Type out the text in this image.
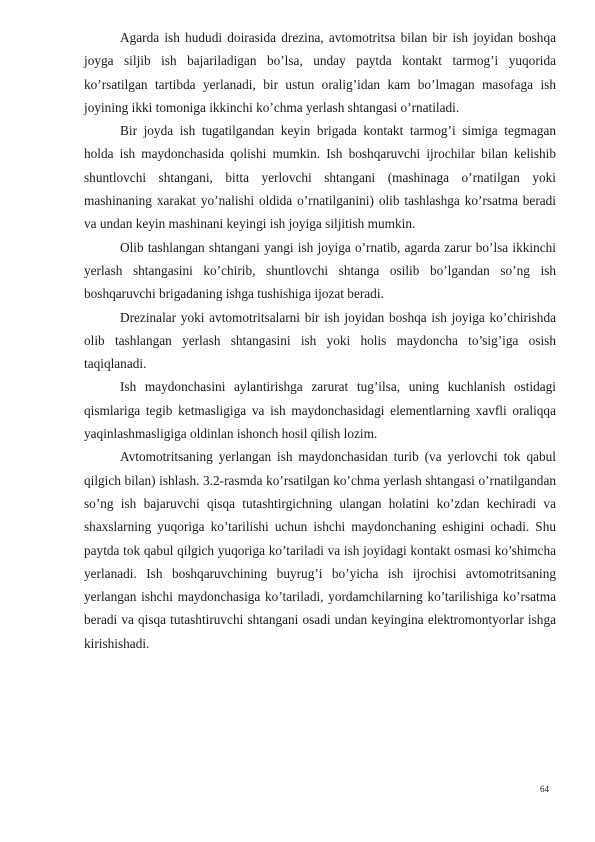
Agarda ish hududi doirasida drezina, avtomotritsa bilan bir ish joyidan boshqa joyga siljib ish bajariladigan bo’lsa, unday paytda kontakt tarmog’i yuqorida ko’rsatilgan tartibda yerlanadi, bir ustun oralig’idan kam bo’lmagan masofaga ish joyining ikki tomoniga ikkinchi ko’chma yerlash shtangasi o’rnatiladi.

Bir joyda ish tugatilgandan keyin brigada kontakt tarmog’i simiga tegmagan holda ish maydonchasida qolishi mumkin. Ish boshqaruvchi ijrochilar bilan kelishib shuntlovchi shtangani, bitta yerlovchi shtangani (mashinaga o’rnatilgan yoki mashinaning xarakat yo’nalishi oldida o’rnatilganini) olib tashlashga ko’rsatma beradi va undan keyin mashinani keyingi ish joyiga siljitish mumkin.

Olib tashlangan shtangani yangi ish joyiga o’rnatib, agarda zarur bo’lsa ikkinchi yerlash shtangasini ko’chirib, shuntlovchi shtanga osilib bo’lgandan so’ng ish boshqaruvchi brigadaning ishga tushishiga ijozat beradi.

Drezinalar yoki avtomotritsalarni bir ish joyidan boshqa ish joyiga ko’chirishda olib tashlangan yerlash shtangasini ish yoki holis maydoncha to’sig’iga osish taqiqlanadi.

Ish maydonchasini aylantirishga zarurat tug’ilsa, uning kuchlanish ostidagi qismlariga tegib ketmasligiga va ish maydonchasidagi elementlarning xavfli oraliqqa yaqinlashmasligiga oldinlan ishonch hosil qilish lozim.

Avtomotritsaning yerlangan ish maydonchasidan turib (va yerlovchi tok qabul qilgich bilan) ishlash. 3.2-rasmda ko’rsatilgan ko’chma yerlash shtangasi o’rnatilgandan so’ng ish bajaruvchi qisqa tutashtirgichning ulangan holatini ko’zdan kechiradi va shaxslarning yuqoriga ko’tarilishi uchun ishchi maydonchaning eshigini ochadi. Shu paytda tok qabul qilgich yuqoriga ko’tariladi va ish joyidagi kontakt osmasi ko’shimcha yerlanadi. Ish boshqaruvchining buyrug’i bo’yicha ish ijrochisi avtomotritsaning yerlangan ishchi maydonchasiga ko’tariladi, yordamchilarning ko’tarilishiga ko’rsatma beradi va qisqa tutashtiruvchi shtangani osadi undan keyingina elektromontyorlar ishga kirishishadi.

64
